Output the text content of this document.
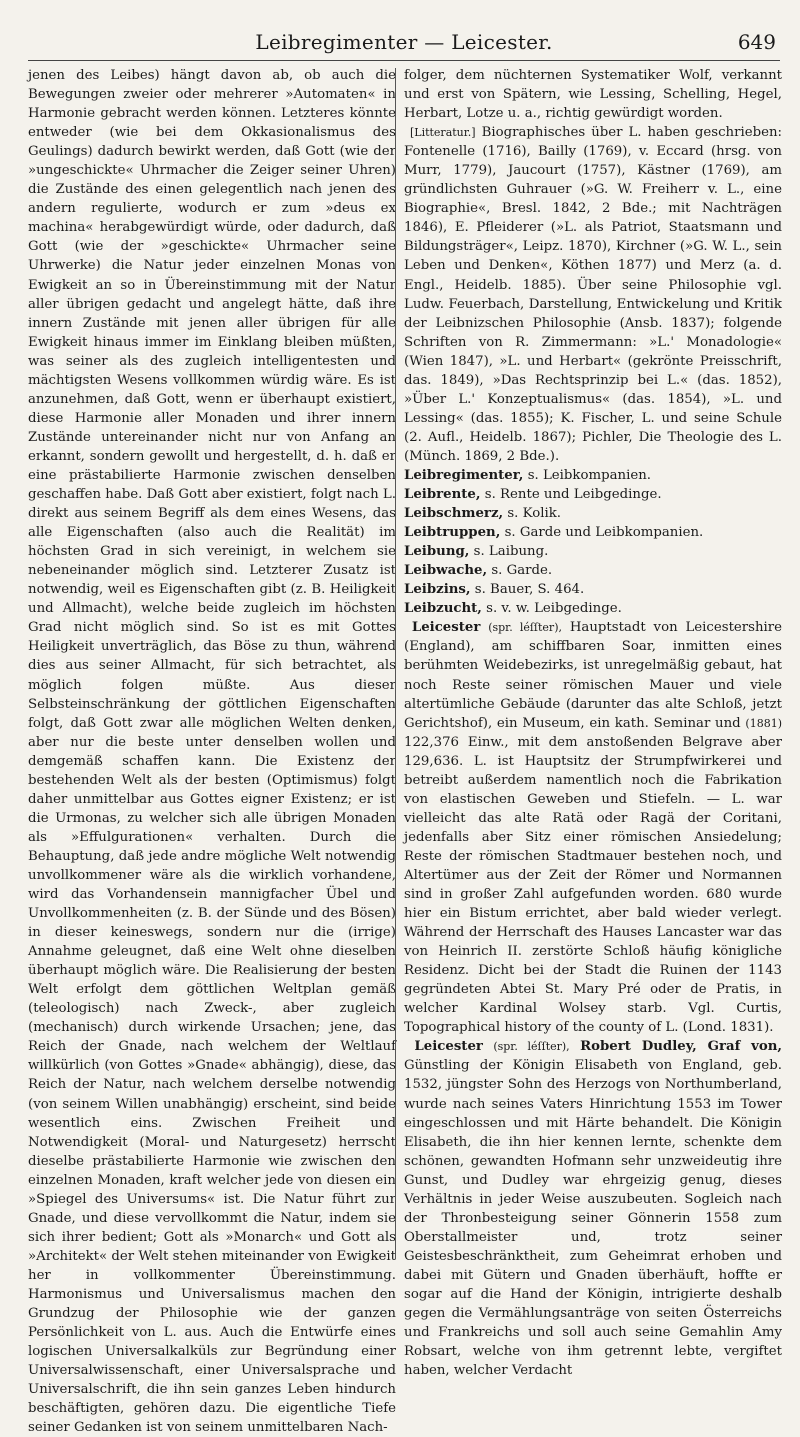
Leibregimenter — Leicester.	649

jenen des Leibes) hängt davon ab, ob auch die Bewegungen zweier oder mehrerer »Automaten« in Harmonie gebracht werden können. Letzteres könnte entweder (wie bei dem Okkasionalismus des Geulings) dadurch bewirkt werden, daß Gott (wie der »ungeschickte« Uhrmacher die Zeiger seiner Uhren) die Zustände des einen gelegentlich nach jenen des andern regulierte, wodurch er zum »deus ex machina« herabgewürdigt würde, oder dadurch, daß Gott (wie der »geschickte« Uhrmacher seine Uhrwerke) die Natur jeder einzelnen Monas von Ewigkeit an so in Übereinstimmung mit der Natur aller übrigen gedacht und angelegt hätte, daß ihre innern Zustände mit jenen aller übrigen für alle Ewigkeit hinaus immer im Einklang bleiben müßten, was seiner als des zugleich intelligentesten und mächtigsten Wesens vollkommen würdig wäre. Es ist anzunehmen, daß Gott, wenn er überhaupt existiert, diese Harmonie aller Monaden und ihrer innern Zustände untereinander nicht nur von Anfang an erkannt, sondern gewollt und hergestellt, d. h. daß er eine prästabilierte Harmonie zwischen denselben geschaffen habe. Daß Gott aber existiert, folgt nach L. direkt aus seinem Begriff als dem eines Wesens, das alle Eigenschaften (also auch die Realität) im höchsten Grad in sich vereinigt, in welchem sie nebeneinander möglich sind. Letzterer Zusatz ist notwendig, weil es Eigenschaften gibt (z. B. Heiligkeit und Allmacht), welche beide zugleich im höchsten Grad nicht möglich sind. So ist es mit Gottes Heiligkeit unverträglich, das Böse zu thun, während dies aus seiner Allmacht, für sich betrachtet, als möglich folgen müßte. Aus dieser Selbsteinschränkung der göttlichen Eigenschaften folgt, daß Gott zwar alle möglichen Welten denken, aber nur die beste unter denselben wollen und demgemäß schaffen kann. Die Existenz der bestehenden Welt als der besten (Optimismus) folgt daher unmittelbar aus Gottes eigner Existenz; er ist die Urmonas, zu welcher sich alle übrigen Monaden als »Effulgurationen« verhalten. Durch die Behauptung, daß jede andre mögliche Welt notwendig unvollkommener wäre als die wirklich vorhandene, wird das Vorhandensein mannigfacher Übel und Unvollkommenheiten (z. B. der Sünde und des Bösen) in dieser keineswegs, sondern nur die (irrige) Annahme geleugnet, daß eine Welt ohne dieselben überhaupt möglich wäre. Die Realisierung der besten Welt erfolgt dem göttlichen Weltplan gemäß (teleologisch) nach Zweck-, aber zugleich (mechanisch) durch wirkende Ursachen; jene, das Reich der Gnade, nach welchem der Weltlauf willkürlich (von Gottes »Gnade« abhängig), diese, das Reich der Natur, nach welchem derselbe notwendig (von seinem Willen unabhängig) erscheint, sind beide wesentlich eins. Zwischen Freiheit und Notwendigkeit (Moral- und Naturgesetz) herrscht dieselbe prästabilierte Harmonie wie zwischen den einzelnen Monaden, kraft welcher jede von diesen ein »Spiegel des Universums« ist. Die Natur führt zur Gnade, und diese vervollkommt die Natur, indem sie sich ihrer bedient; Gott als »Monarch« und Gott als »Architekt« der Welt stehen miteinander von Ewigkeit her in vollkommenter Übereinstimmung. Harmonismus und Universalismus machen den Grundzug der Philosophie wie der ganzen Persönlichkeit von L. aus. Auch die Entwürfe eines logischen Universalkalküls zur Begründung einer Universalwissenschaft, einer Universalsprache und Universalschrift, die ihn sein ganzes Leben hindurch beschäftigten, gehören dazu. Die eigentliche Tiefe seiner Gedanken ist von seinem unmittelbaren Nach-

folger, dem nüchternen Systematiker Wolf, verkannt und erst von Spätern, wie Lessing, Schelling, Hegel, Herbart, Lotze u. a., richtig gewürdigt worden.

[Litteratur.] Biographisches über L. haben geschrieben: Fontenelle (1716), Bailly (1769), v. Eccard (hrsg. von Murr, 1779), Jaucourt (1757), Kästner (1769), am gründlichsten Guhrauer (»G. W. Freiherr v. L., eine Biographie«, Bresl. 1842, 2 Bde.; mit Nachträgen 1846), E. Pfleiderer (»L. als Patriot, Staatsmann und Bildungsträger«, Leipz. 1870), Kirchner (»G. W. L., sein Leben und Denken«, Köthen 1877) und Merz (a. d. Engl., Heidelb. 1885). Über seine Philosophie vgl. Ludw. Feuerbach, Darstellung, Entwickelung und Kritik der Leibnizschen Philosophie (Ansb. 1837); folgende Schriften von R. Zimmermann: »L.' Monadologie« (Wien 1847), »L. und Herbart« (gekrönte Preisschrift, das. 1849), »Das Rechtsprinzip bei L.« (das. 1852), »Über L.' Konzeptualismus« (das. 1854), »L. und Lessing« (das. 1855); K. Fischer, L. und seine Schule (2. Aufl., Heidelb. 1867); Pichler, Die Theologie des L. (Münch. 1869, 2 Bde.).

Leibregimenter, s. Leibkompanien.

Leibrente, s. Rente und Leibgedinge.

Leibschmerz, s. Kolik.

Leibtruppen, s. Garde und Leibkompanien.

Leibung, s. Laibung.

Leibwache, s. Garde.

Leibzins, s. Bauer, S. 464.

Leibzucht, s. v. w. Leibgedinge.

Leicester (spr. léſſter), Hauptstadt von Leicestershire (England), am schiffbaren Soar, inmitten eines berühmten Weidebezirks, ist unregelmäßig gebaut, hat noch Reste seiner römischen Mauer und viele altertümliche Gebäude (darunter das alte Schloß, jetzt Gerichtshof), ein Museum, ein kath. Seminar und (1881) 122,376 Einw., mit dem anstoßenden Belgrave aber 129,636. L. ist Hauptsitz der Strumpfwirkerei und betreibt außerdem namentlich noch die Fabrikation von elastischen Geweben und Stiefeln. — L. war vielleicht das alte Ratä oder Ragä der Coritani, jedenfalls aber Sitz einer römischen Ansiedelung; Reste der römischen Stadtmauer bestehen noch, und Altertümer aus der Zeit der Römer und Normannen sind in großer Zahl aufgefunden worden. 680 wurde hier ein Bistum errichtet, aber bald wieder verlegt. Während der Herrschaft des Hauses Lancaster war das von Heinrich II. zerstörte Schloß häufig königliche Residenz. Dicht bei der Stadt die Ruinen der 1143 gegründeten Abtei St. Mary Pré oder de Pratis, in welcher Kardinal Wolsey starb. Vgl. Curtis, Topographical history of the county of L. (Lond. 1831).

Leicester (spr. léſſter), Robert Dudley, Graf von, Günstling der Königin Elisabeth von England, geb. 1532, jüngster Sohn des Herzogs von Northumberland, wurde nach seines Vaters Hinrichtung 1553 im Tower eingeschlossen und mit Härte behandelt. Die Königin Elisabeth, die ihn hier kennen lernte, schenkte dem schönen, gewandten Hofmann sehr unzweideutig ihre Gunst, und Dudley war ehrgeizig genug, dieses Verhältnis in jeder Weise auszubeuten. Sogleich nach der Thronbesteigung seiner Gönnerin 1558 zum Oberstallmeister und, trotz seiner Geistesbeschränktheit, zum Geheimrat erhoben und dabei mit Gütern und Gnaden überhäuft, hoffte er sogar auf die Hand der Königin, intrigierte deshalb gegen die Vermählungsanträge von seiten Österreichs und Frankreichs und soll auch seine Gemahlin Amy Robsart, welche von ihm getrennt lebte, vergiftet haben, welcher Verdacht
